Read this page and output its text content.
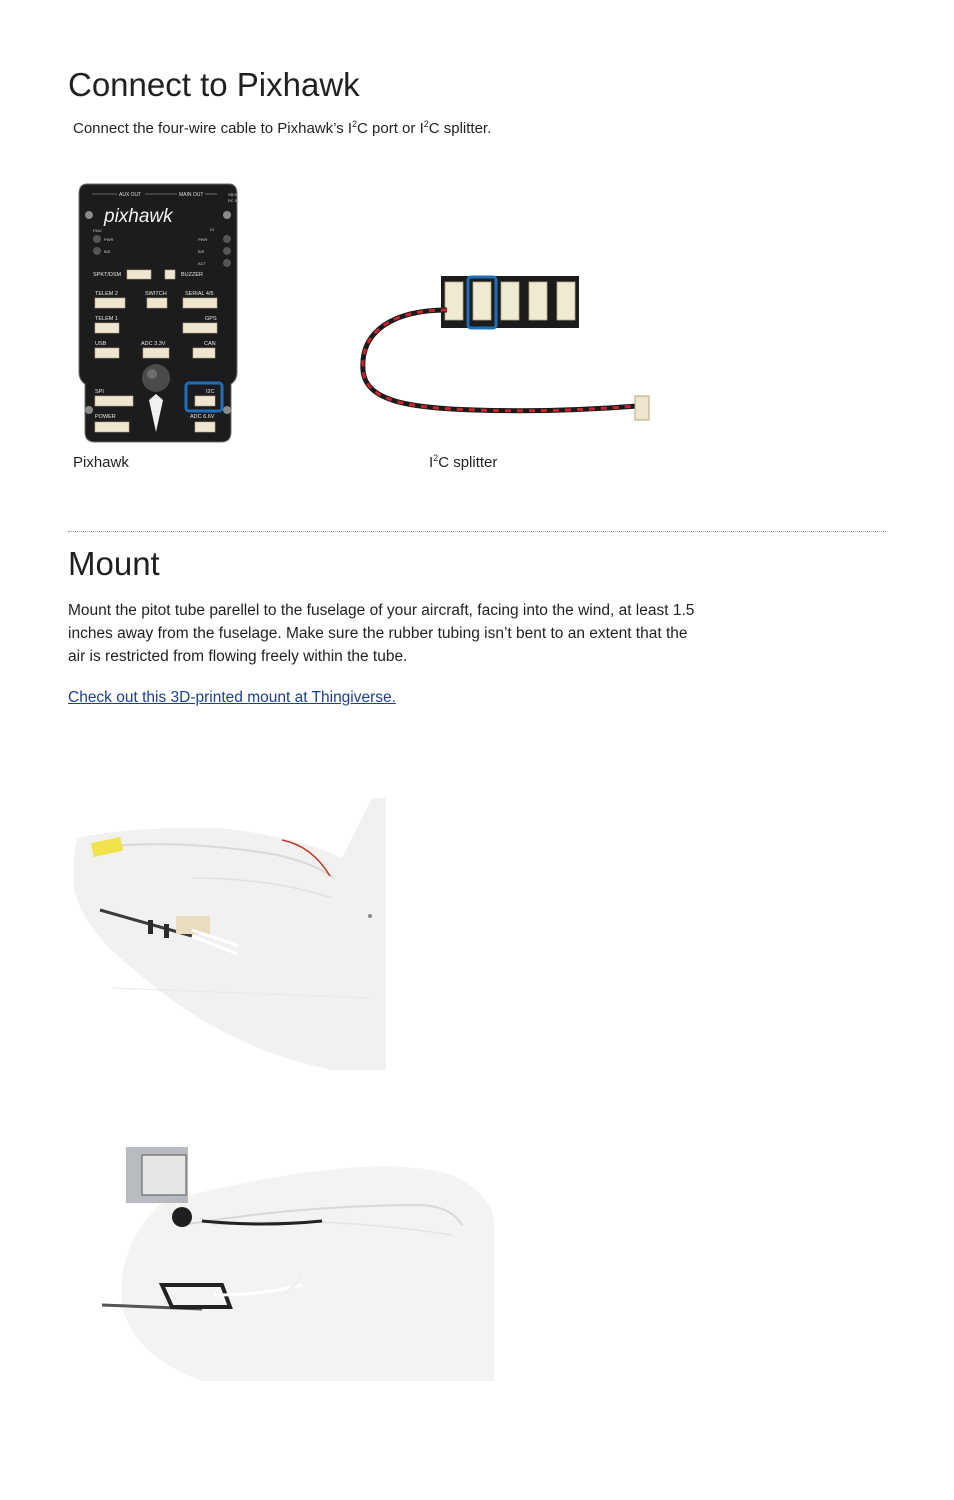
Connect to Pixhawk
Connect the four-wire cable to Pixhawk’s $I^2C$ port or $I^2C$ splitter.
AUX OUT	MAIN OUT	SB/S
RC IN
pixhawk
FMU
PWR
B/E
IO
PWR
B/E
ACT
SPKT/DSM	BUZZER
TELEM 2	SWITCH	SERIAL 4/5
TELEM 1	GPS
USB	ADC 3.3V	CAN
SPI	I2C
POWER	ADC 6.6V
Pixhawk	$I^2C$ splitter
Mount

Mount the pitot tube parellel to the fuselage of your aircraft, facing into the wind, at least 1.5 inches away from the fuselage. Make sure the rubber tubing isn’t bent to an extent that the air is restricted from flowing freely within the tube.

Check out this 3D-printed mount at Thingiverse.
